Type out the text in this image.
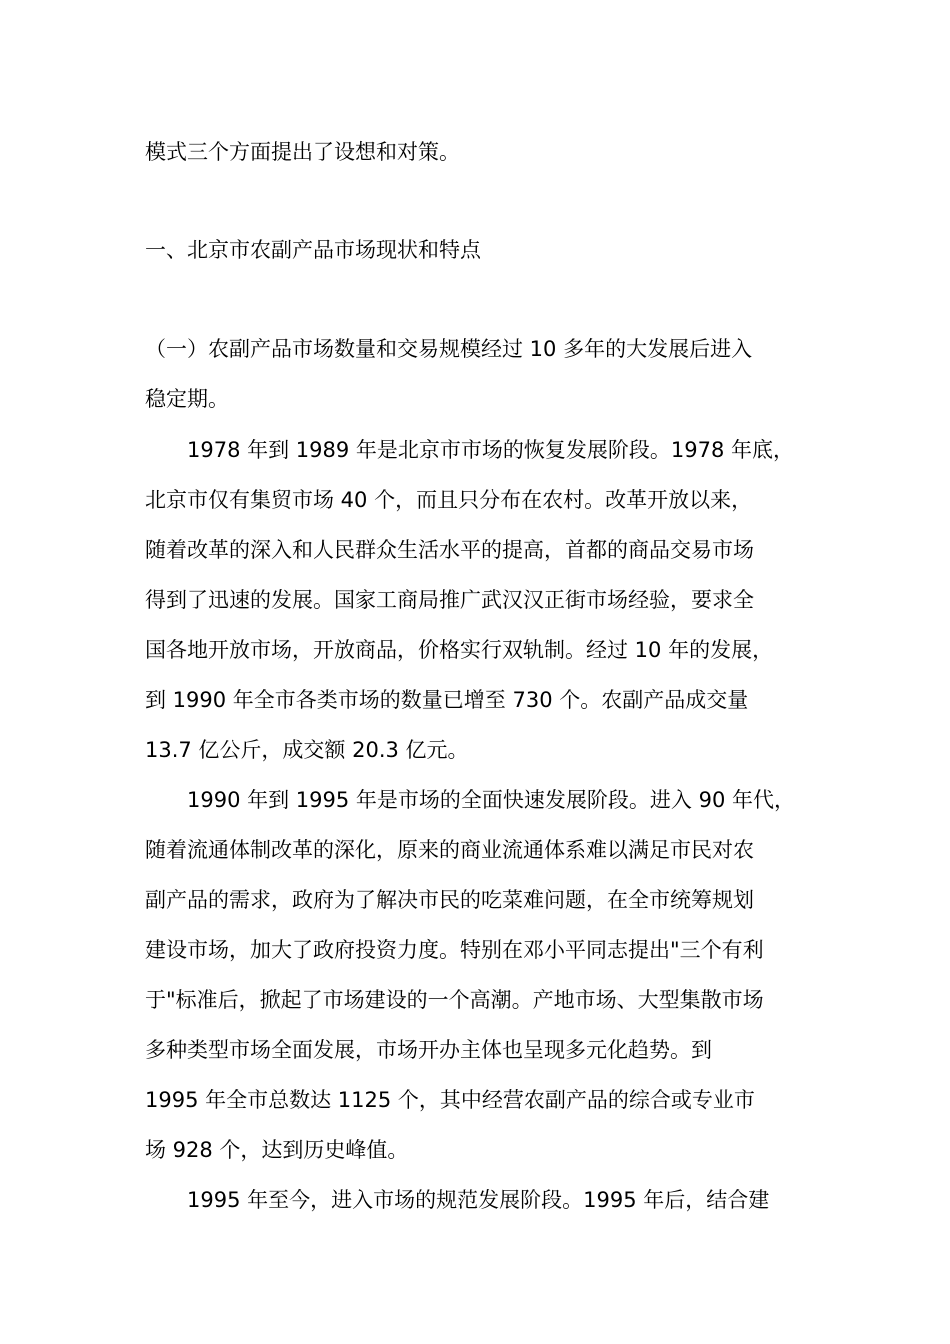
模式三个方面提出了设想和对策。
一、北京市农副产品市场现状和特点
（一）农副产品市场数量和交易规模经过 10 多年的大发展后进入
稳定期。
1978 年到 1989 年是北京市市场的恢复发展阶段。1978 年底，
北京市仅有集贸市场 40 个，而且只分布在农村。改革开放以来，
随着改革的深入和人民群众生活水平的提高，首都的商品交易市场
得到了迅速的发展。国家工商局推广武汉汉正街市场经验，要求全
国各地开放市场，开放商品，价格实行双轨制。经过 10 年的发展，
到 1990 年全市各类市场的数量已增至 730 个。农副产品成交量
13.7 亿公斤，成交额 20.3 亿元。
1990 年到 1995 年是市场的全面快速发展阶段。进入 90 年代，
随着流通体制改革的深化，原来的商业流通体系难以满足市民对农
副产品的需求，政府为了解决市民的吃菜难问题，在全市统筹规划
建设市场，加大了政府投资力度。特别在邓小平同志提出"三个有利
于"标准后，掀起了市场建设的一个高潮。产地市场、大型集散市场
多种类型市场全面发展，市场开办主体也呈现多元化趋势。到
1995 年全市总数达 1125 个，其中经营农副产品的综合或专业市
场 928 个，达到历史峰值。
1995 年至今，进入市场的规范发展阶段。1995 年后，结合建
